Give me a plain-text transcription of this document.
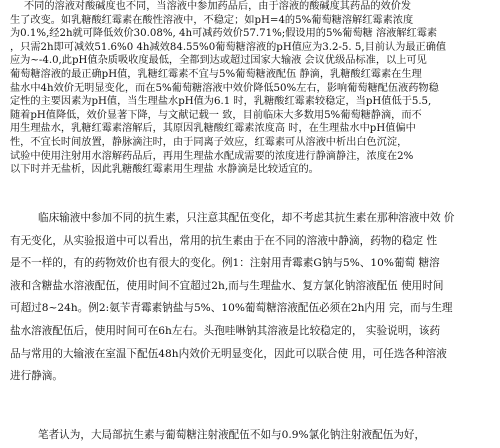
不同的溶液对酸碱度也不同，当溶液中参加药品后，由于溶液的酸碱度其药品的效价发
生了改变。如乳糖酸红霉素在酸性溶液中，不稳定；如pH=4的5%葡萄糖溶解红霉素浓度
为0.1%,经2h就可降低效价30.08%, 4h可减药效价57.71%;假设用的5%葡萄糖 溶液解红霉素
，只需2h即可减效51.6%0 4h减效84.55%0葡萄糖溶液的pH值应为3.2-5. 5,目前认为最正确值
应为~-4.0,此pH值杂质吸收度最低，全都到达或超过国家大输液 会议优级品标准，以上可见
葡萄糖溶液的最正确pH值，乳糖红霉素不宜与5%葡萄糖液配伍 静滴，乳糖酸红霉素在生理
盐水中4h效价无明显变化，而在5%葡萄糖溶液中效价降低50%左右，影响葡萄糖配伍液药物稳
定性的主要因素为pH值，当生理盐水pH值为6.1 时，乳糖酸红霉素较稳定，当pH值低于5.5,
随着pH值降低，效价显著下降，与文献记载一 致，目前临床大多数用5%葡萄糖静滴，而不
用生理盐水，乳糖红霉素溶解后，其原因乳糖酸红霉素浓度高 时，在生理盐水中pH值偏中
性，不宜长时间放置，静脉滴注时，由于同离子效应，红霉素可从溶液中析出白色沉淀，
试验中使用注射用水溶解药品后，再用生理盐水配成需要的浓度进行静滴静注，浓度在2%
以下时并无盐析，因此乳糖酸红霉素用生理盐 水静滴是比较适宜的。
临床输液中参加不同的抗生素，只注意其配伍变化，却不考虑其抗生素在那种溶液中效 价
有无变化，从实验报道中可以看出，常用的抗生素由于在不同的溶液中静滴，药物的稳定 性
是不一样的，有的药物效价也有很大的变化。例1：注射用青霉素G钠与5%、10%葡萄 糖溶
液和含糖盐水溶液配伍，使用时间不宜超过2h,而与生理盐水、复方氯化钠溶液配伍 使用时间
可超过8~24h。例2:氨苄青霉素钠盐与5%、10%葡萄糖溶液配伍必须在2h内用 完，而与生理
盐水溶液配伍后，使用时间可在6h左右。头孢哇啉钠其溶液是比较稳定的， 实验说明，该药
品与常用的大输液在室温下配伍48h内效价无明显变化，因此可以联合使 用，可任选各种溶液
进行静滴。
笔者认为，大局部抗生素与葡萄糖注射液配伍不如与0.9%氯化钠注射液配伍为好，
